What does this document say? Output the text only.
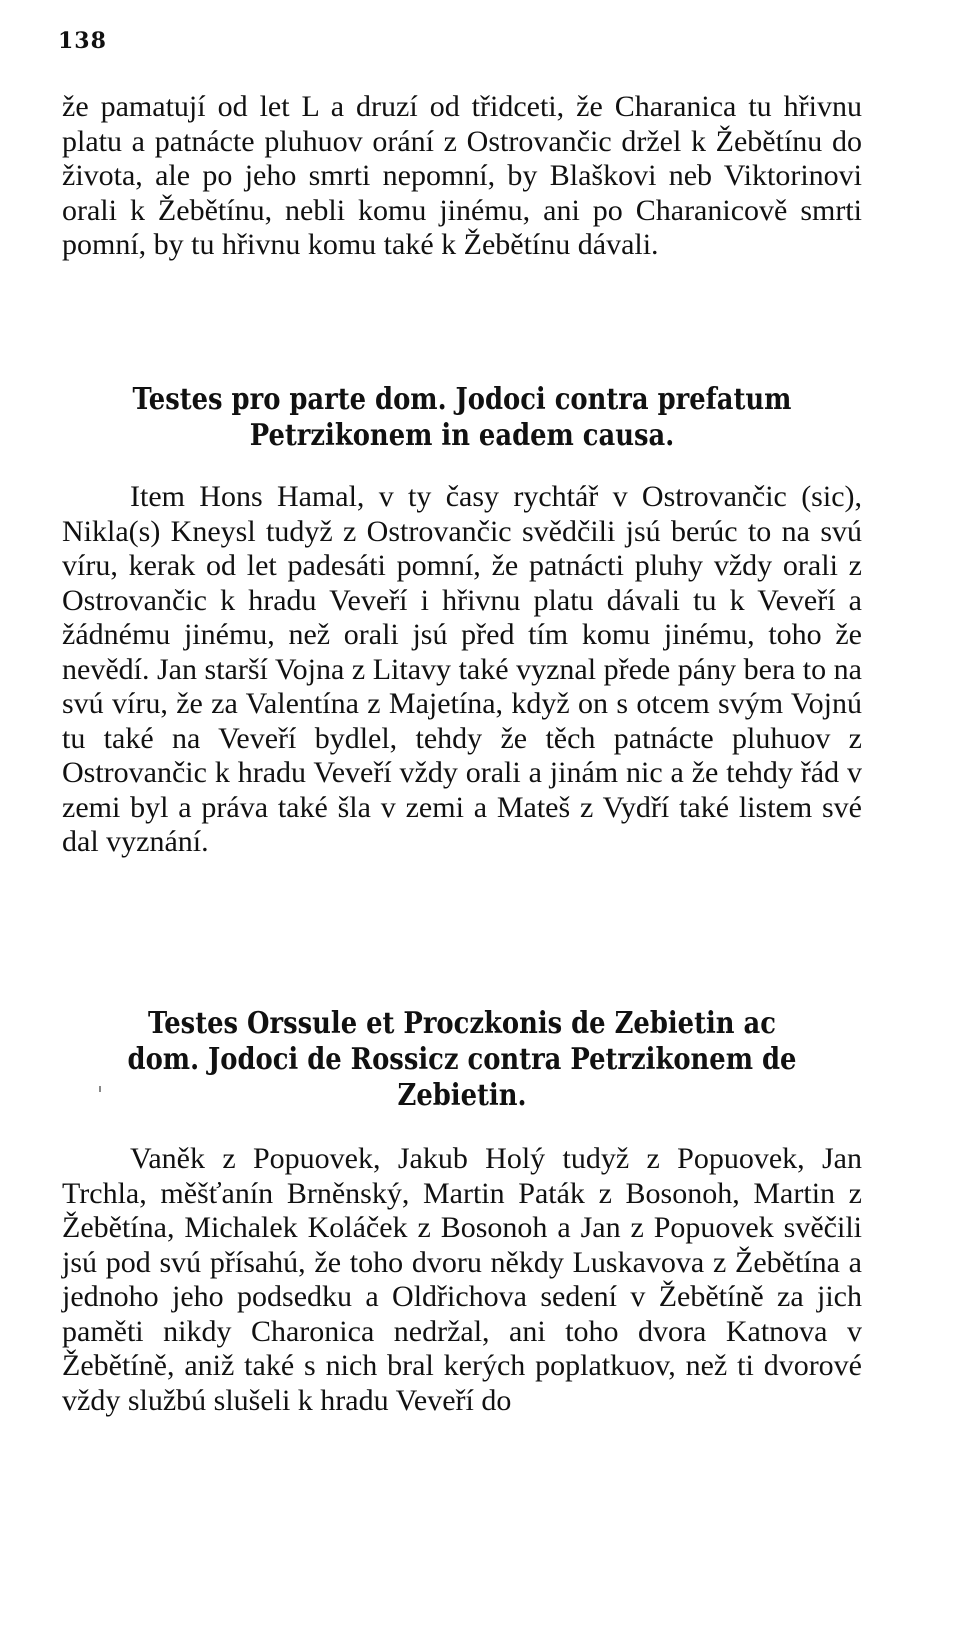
138

že pamatují od let L a druzí od třidceti, že Charanica tu hřivnu platu a patnácte pluhuov orání z Ostrovančic držel k Žebětínu do života, ale po jeho smrti nepomní, by Blaškovi neb Viktorinovi orali k Žebětínu, nebli komu jinému, ani po Charanicově smrti pomní, by tu hřivnu komu také k Žebětínu dávali.

Testes pro parte dom. Jodoci contra prefatum Petrzikonem in eadem causa.

Item Hons Hamal, v ty časy rychtář v Ostrovančic (sic), Nikla(s) Kneysl tudyž z Ostrovančic svědčili jsú berúc to na svú víru, kerak od let padesáti pomní, že patnácti pluhy vždy orali z Ostrovančic k hradu Veveří i hřivnu platu dávali tu k Veveří a žádnému jinému, než orali jsú před tím komu jinému, toho že nevědí. Jan starší Vojna z Litavy také vyznal přede pány bera to na svú víru, že za Valentína z Majetína, když on s otcem svým Vojnú tu také na Veveří bydlel, tehdy že těch patnácte pluhuov z Ostrovančic k hradu Veveří vždy orali a jinám nic a že tehdy řád v zemi byl a práva také šla v zemi a Mateš z Vydří také listem své dal vyznání.

Testes Orssule et Proczkonis de Zebietin ac dom. Jodoci de Rossicz contra Petrzikonem de Zebietin.

Vaněk z Popuovek, Jakub Holý tudyž z Popuovek, Jan Trchla, měšťanín Brněnský, Martin Paták z Bosonoh, Martin z Žebětína, Michalek Koláček z Bosonoh a Jan z Popuovek svěčili jsú pod svú přísahú, že toho dvoru někdy Luskavova z Žebětína a jednoho jeho podsedku a Oldřichova sedení v Žebětíně za jich paměti nikdy Charonica nedržal, ani toho dvora Katnova v Žebětíně, aniž také s nich bral kerých poplatkuov, než ti dvorové vždy službú slušeli k hradu Veveří do
